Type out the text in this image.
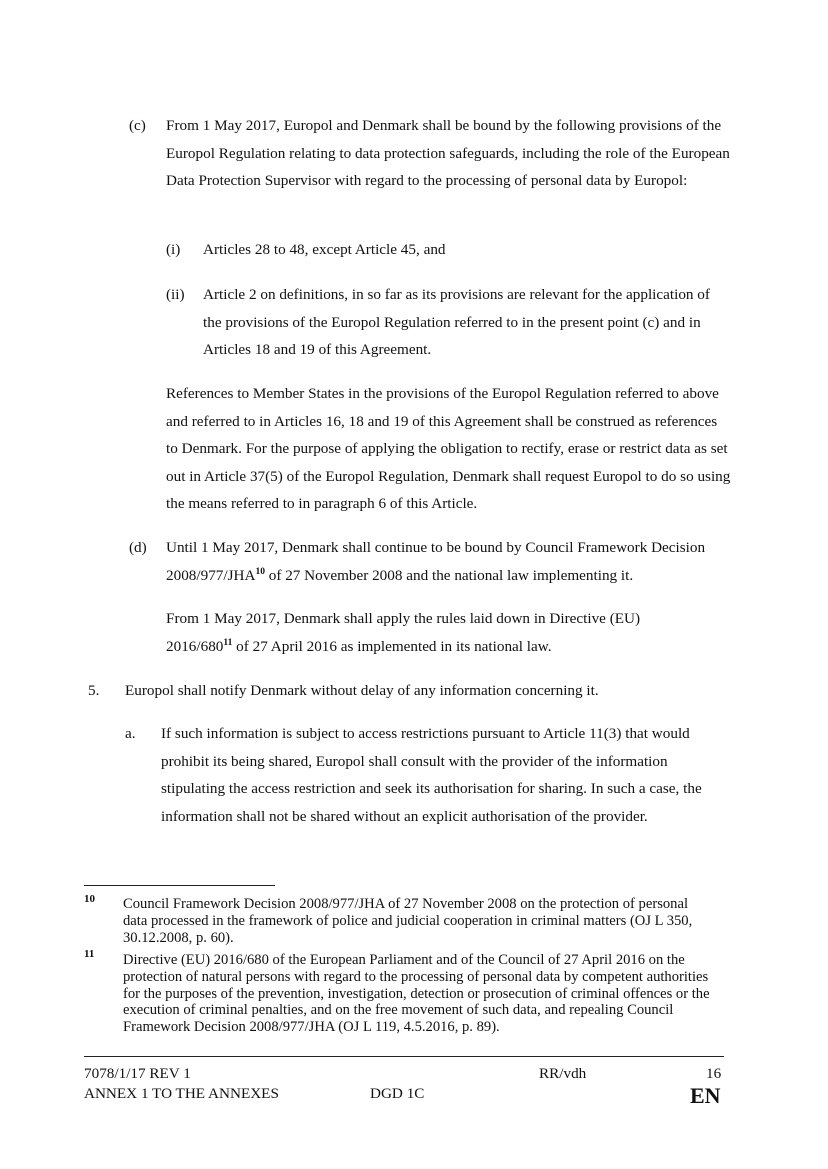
(c) From 1 May 2017, Europol and Denmark shall be bound by the following provisions of the Europol Regulation relating to data protection safeguards, including the role of the European Data Protection Supervisor with regard to the processing of personal data by Europol:

(i) Articles 28 to 48, except Article 45, and

(ii) Article 2 on definitions, in so far as its provisions are relevant for the application of the provisions of the Europol Regulation referred to in the present point (c) and in Articles 18 and 19 of this Agreement.

References to Member States in the provisions of the Europol Regulation referred to above and referred to in Articles 16, 18 and 19 of this Agreement shall be construed as references to Denmark. For the purpose of applying the obligation to rectify, erase or restrict data as set out in Article 37(5) of the Europol Regulation, Denmark shall request Europol to do so using the means referred to in paragraph 6 of this Article.

(d) Until 1 May 2017, Denmark shall continue to be bound by Council Framework Decision 2008/977/JHA$^{10}$ of 27 November 2008 and the national law implementing it.

From 1 May 2017, Denmark shall apply the rules laid down in Directive (EU) $2016/680^{11}$ of 27 April 2016 as implemented in its national law.

5. Europol shall notify Denmark without delay of any information concerning it.

a. If such information is subject to access restrictions pursuant to Article 11(3) that would prohibit its being shared, Europol shall consult with the provider of the information stipulating the access restriction and seek its authorisation for sharing. In such a case, the information shall not be shared without an explicit authorisation of the provider.

10 Council Framework Decision 2008/977/JHA of 27 November 2008 on the protection of personal data processed in the framework of police and judicial cooperation in criminal matters (OJ L 350, 30.12.2008, p. 60).

11 Directive (EU) 2016/680 of the European Parliament and of the Council of 27 April 2016 on the protection of natural persons with regard to the processing of personal data by competent authorities for the purposes of the prevention, investigation, detection or prosecution of criminal offences or the execution of criminal penalties, and on the free movement of such data, and repealing Council Framework Decision 2008/977/JHA (OJ L 119, 4.5.2016, p. 89).

7078/1/17 REV 1	RR/vdh	16
ANNEX 1 TO THE ANNEXES	DGD 1C	EN
